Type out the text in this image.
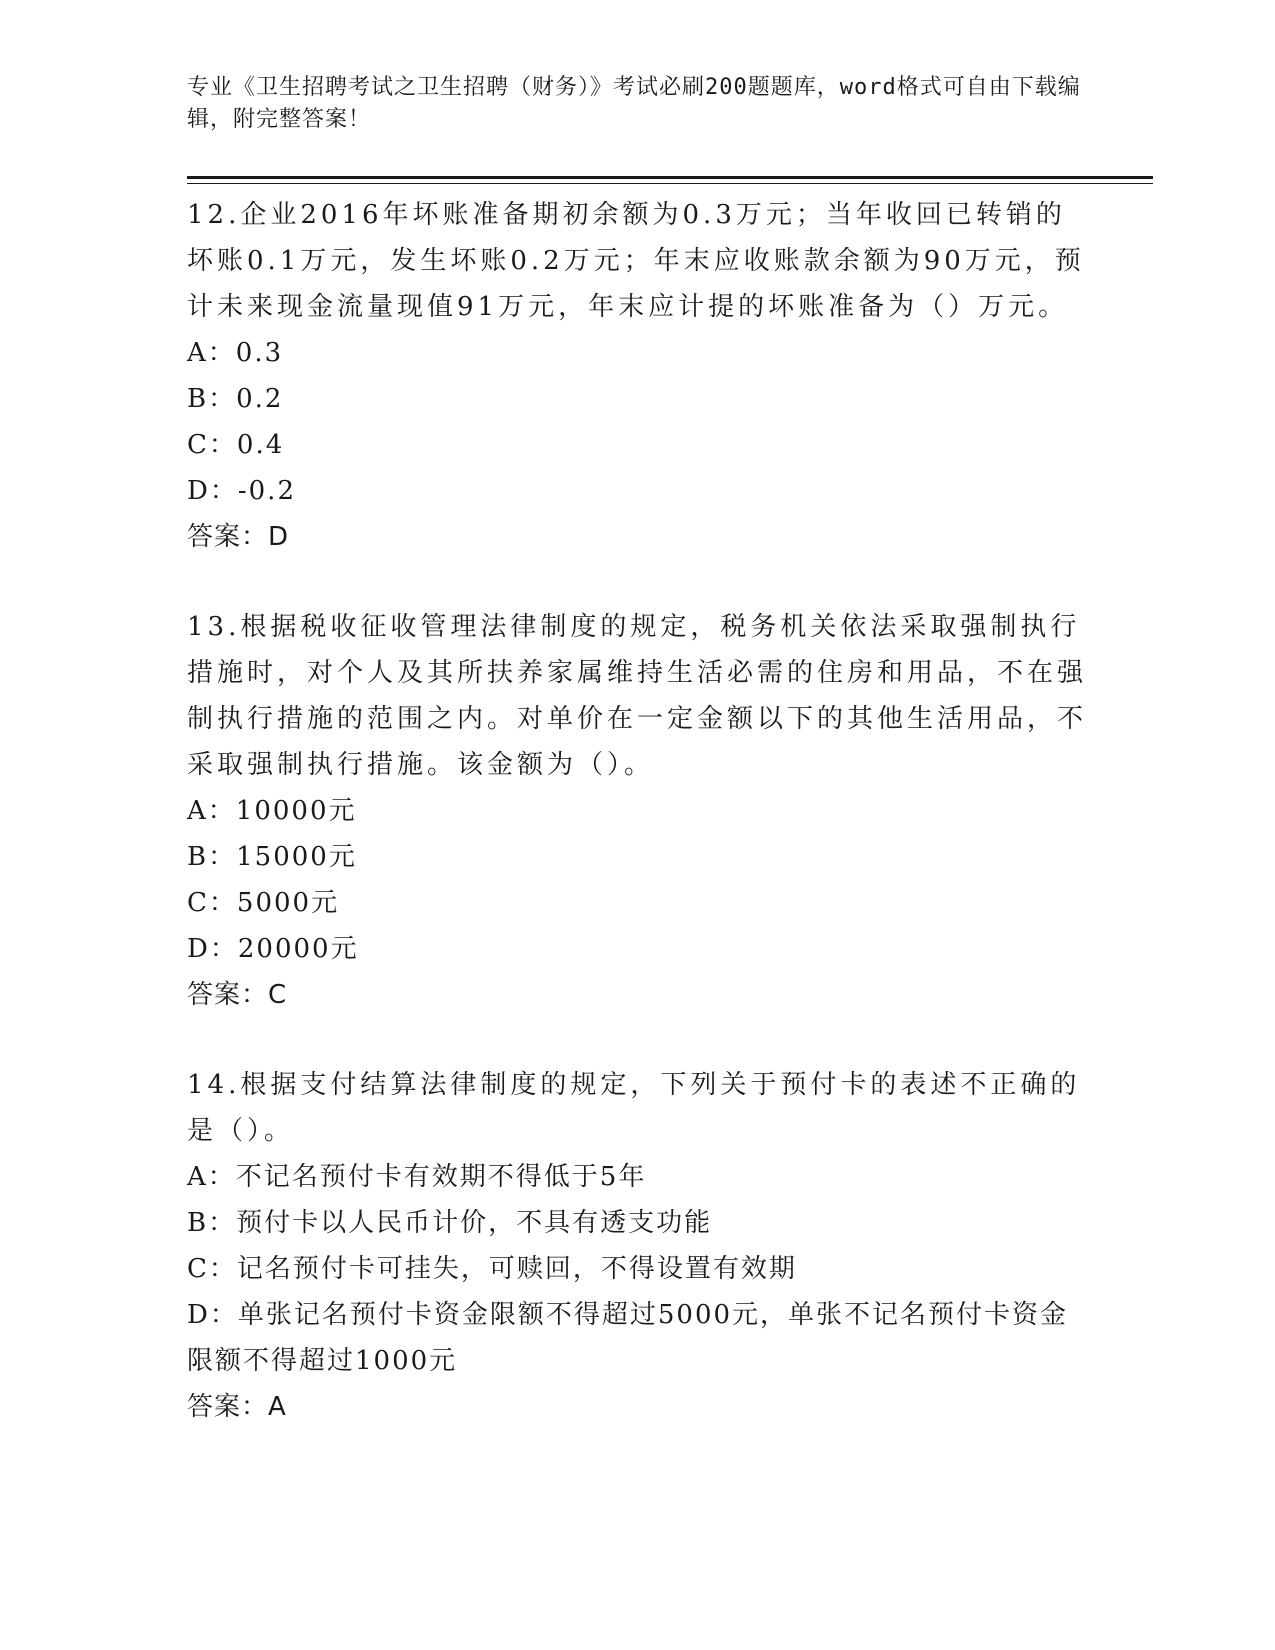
专业《卫生招聘考试之卫生招聘（财务）》考试必刷200题题库，word格式可自由下载编辑，附完整答案！
12.企业2016年坏账准备期初余额为0.3万元；当年收回已转销的坏账0.1万元，发生坏账0.2万元；年末应收账款余额为90万元，预计未来现金流量现值91万元，年末应计提的坏账准备为（）万元。
A：0.3
B：0.2
C：0.4
D：-0.2
答案：D
13.根据税收征收管理法律制度的规定，税务机关依法采取强制执行措施时，对个人及其所扶养家属维持生活必需的住房和用品，不在强制执行措施的范围之内。对单价在一定金额以下的其他生活用品，不采取强制执行措施。该金额为（）。
A：10000元
B：15000元
C：5000元
D：20000元
答案：C
14.根据支付结算法律制度的规定，下列关于预付卡的表述不正确的是（）。
A：不记名预付卡有效期不得低于5年
B：预付卡以人民币计价，不具有透支功能
C：记名预付卡可挂失，可赎回，不得设置有效期
D：单张记名预付卡资金限额不得超过5000元，单张不记名预付卡资金限额不得超过1000元
答案：A
